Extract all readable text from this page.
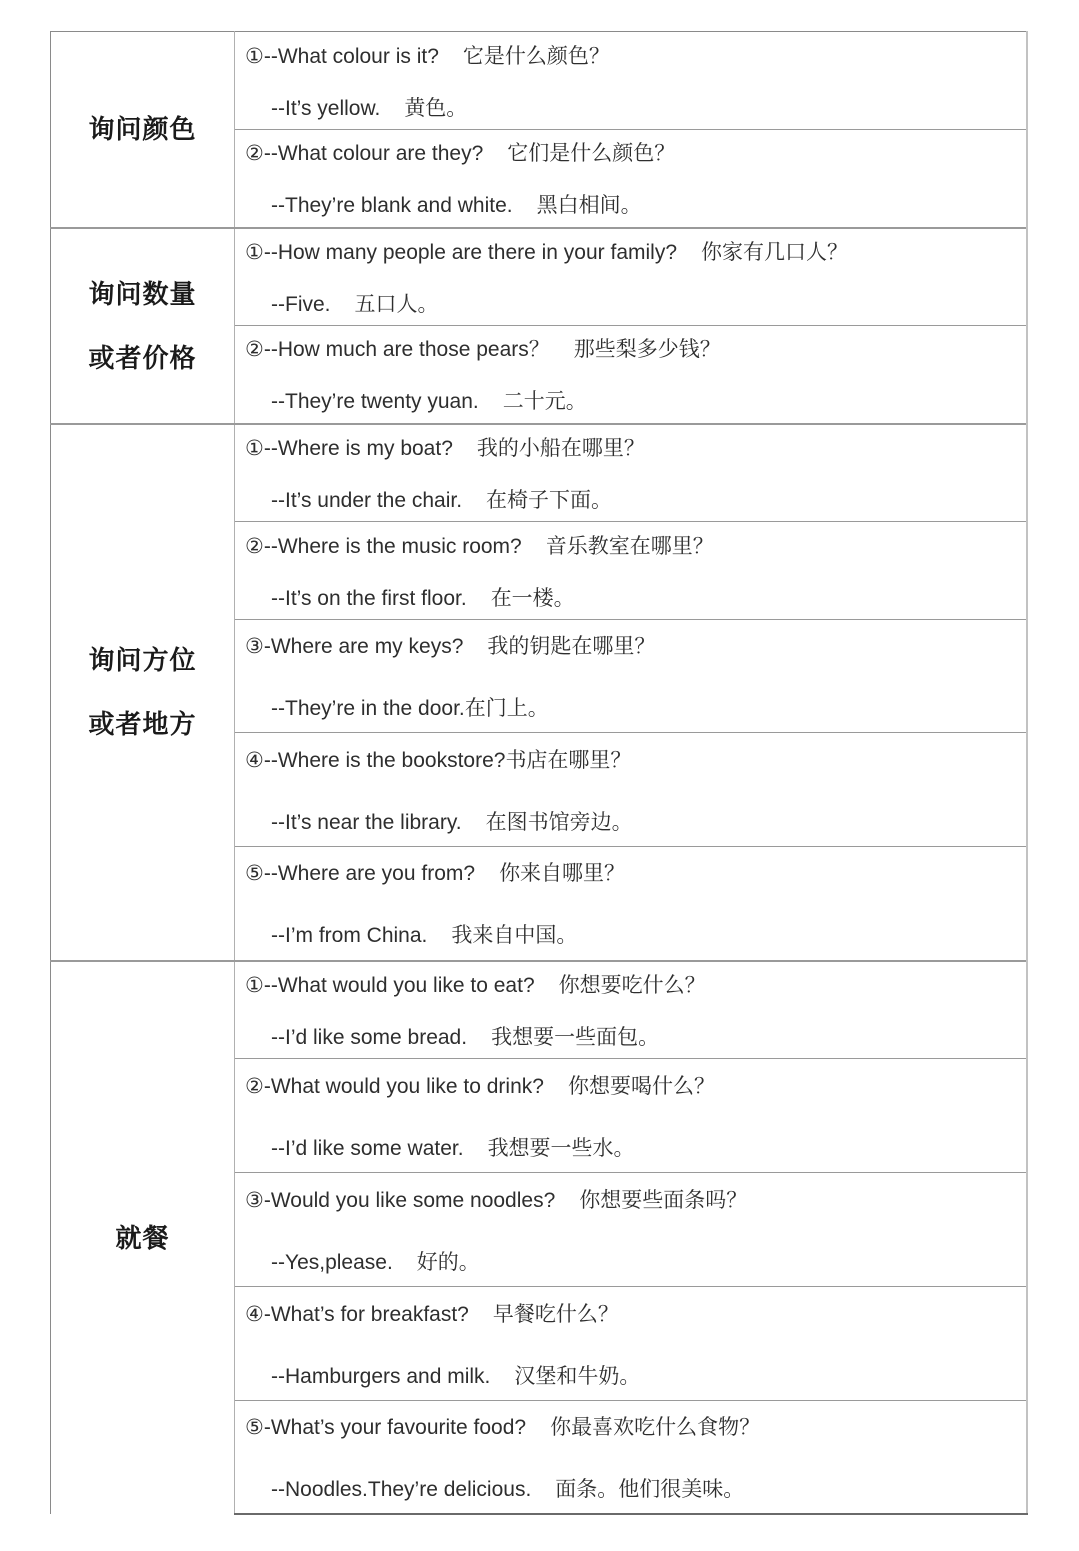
询问颜色	①--What colour is it? 它是什么颜色？
--It’s yellow. 黄色。

	②--What colour are they? 它们是什么颜色？
--They’re blank and white. 黑白相间。

询问数量
或者价格	①--How many people are there in your family? 你家有几口人？
--Five. 五口人。

	②--How much are those pears？ 那些梨多少钱？
--They’re twenty yuan. 二十元。

询问方位
或者地方	①--Where is my boat? 我的小船在哪里？
--It’s under the chair. 在椅子下面。

	②--Where is the music room? 音乐教室在哪里？
--It’s on the first floor. 在一楼。

	③-Where are my keys? 我的钥匙在哪里？
--They’re in the door.在门上。

	④--Where is the bookstore?书店在哪里？
--It’s near the library. 在图书馆旁边。

	⑤--Where are you from? 你来自哪里？
--I’m from China. 我来自中国。

就餐	①--What would you like to eat? 你想要吃什么？
--I’d like some bread. 我想要一些面包。

	②-What would you like to drink? 你想要喝什么？
--I’d like some water. 我想要一些水。

	③-Would you like some noodles? 你想要些面条吗？
--Yes,please. 好的。

	④-What’s for breakfast? 早餐吃什么？
--Hamburgers and milk. 汉堡和牛奶。

	⑤-What’s your favourite food? 你最喜欢吃什么食物？
--Noodles.They’re delicious. 面条。他们很美味。
